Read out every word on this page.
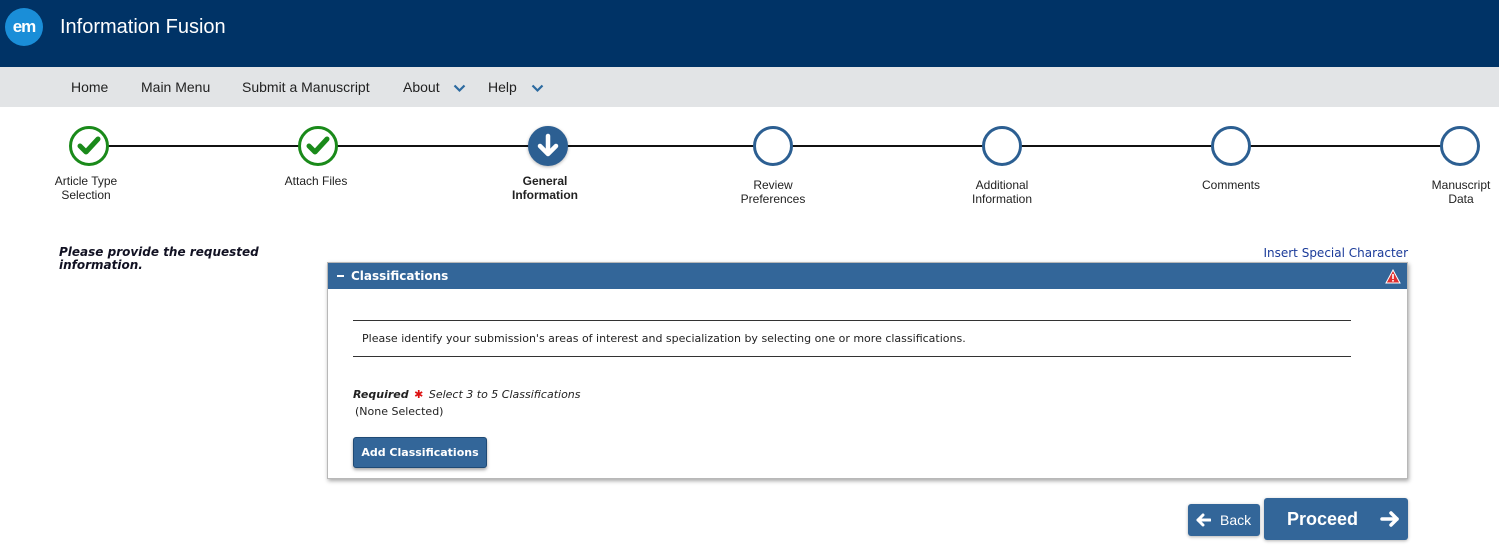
em	Information Fusion
Home Main Menu Submit a Manuscript About	Help
Article Type
Selection
Attach Files	General
Information
Review
Preferences
Additional
Information
Comments	Manuscript
Data
Please provide the requested information.
Insert Special Character
Classifications
Please identify your submission's areas of interest and specialization by selecting one or more classifications.
Required ✱ Select 3 to 5 Classifications
(None Selected)
Add Classifications
Back Proceed
